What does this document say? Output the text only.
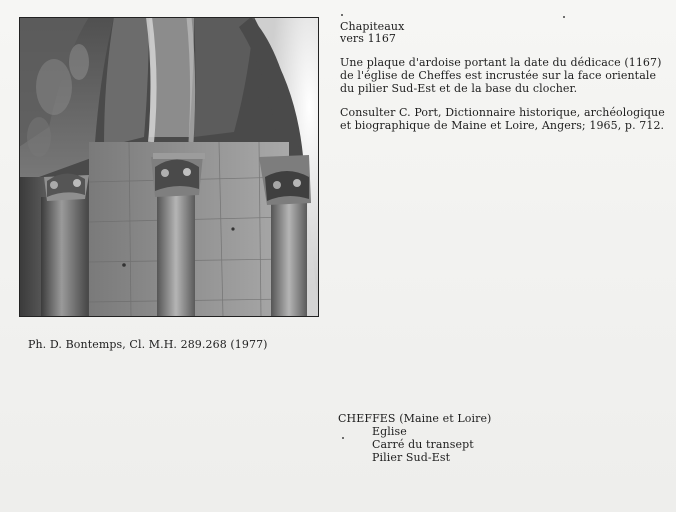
Chapiteaux
vers 1167
Une plaque d'ardoise portant la date du dédicace (1167)
de l'église de Cheffes est incrustée sur la face orientale
du pilier Sud-Est et de la base du clocher.
Consulter C. Port, Dictionnaire historique, archéologique
et biographique de Maine et Loire, Angers; 1965, p. 712.
Ph. D. Bontemps, Cl. M.H. 289.268 (1977)
CHEFFES (Maine et Loire)
Eglise
Carré du transept
Pilier Sud-Est
